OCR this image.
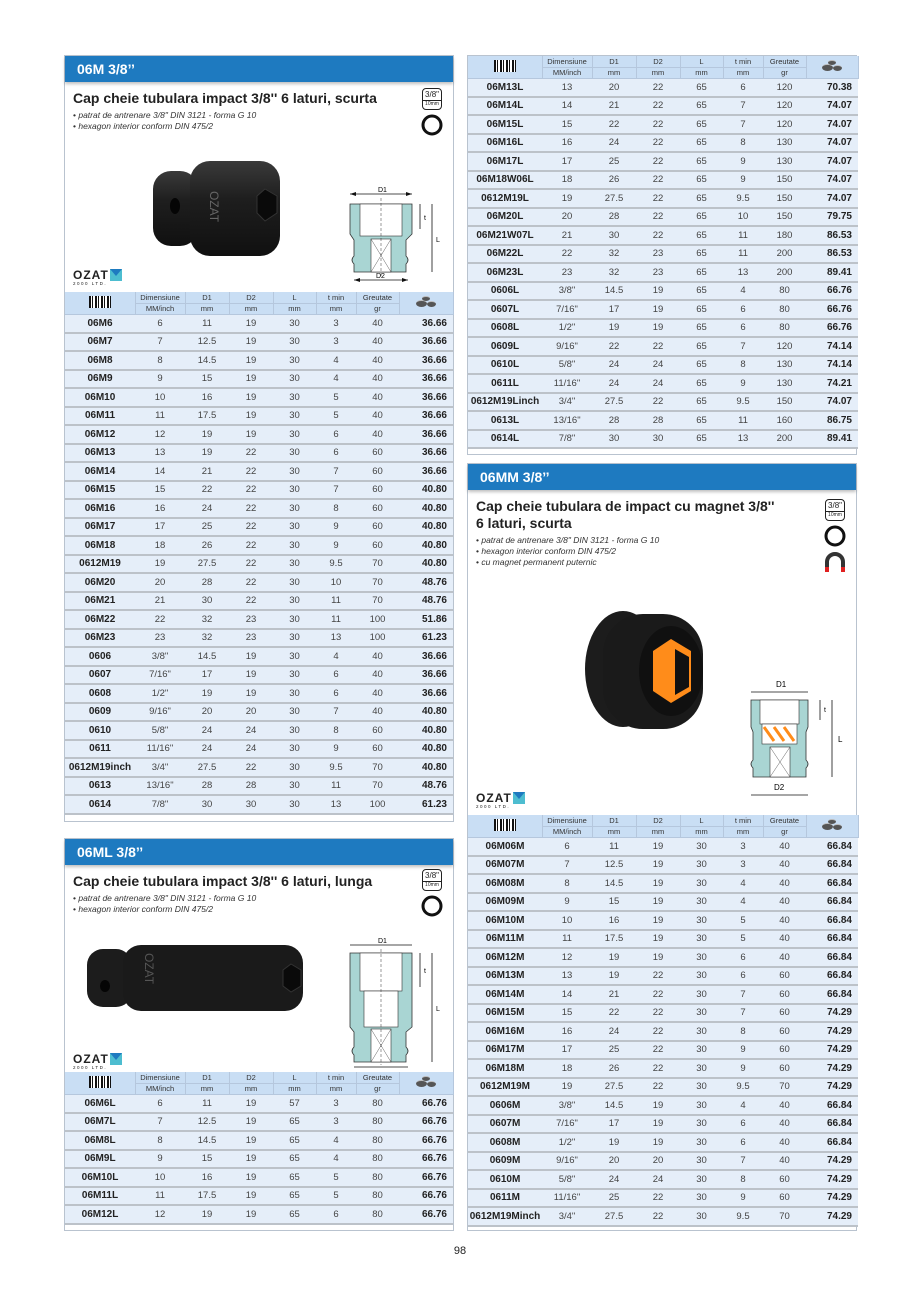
06M 3/8’’
Cap cheie tubulara impact 3/8'' 6 laturi, scurta
• patrat de antrenare 3/8" DIN 3121 - forma G 10
• hexagon interior conform DIN 475/2
3/8"
10mm
OZAT
D1
t
L
D2
OZAT
2000 LTD.
	Dimensiune	D1	D2	L	t min	Greutate	

	MM/inch	mm	mm	mm	mm	gr	
06M6	6	11	19	30	3	40	36.66
06M7	7	12.5	19	30	3	40	36.66
06M8	8	14.5	19	30	4	40	36.66
06M9	9	15	19	30	4	40	36.66
06M10	10	16	19	30	5	40	36.66
06M11	11	17.5	19	30	5	40	36.66
06M12	12	19	19	30	6	40	36.66
06M13	13	19	22	30	6	60	36.66
06M14	14	21	22	30	7	60	36.66
06M15	15	22	22	30	7	60	40.80
06M16	16	24	22	30	8	60	40.80
06M17	17	25	22	30	9	60	40.80
06M18	18	26	22	30	9	60	40.80
0612M19	19	27.5	22	30	9.5	70	40.80
06M20	20	28	22	30	10	70	48.76
06M21	21	30	22	30	11	70	48.76
06M22	22	32	23	30	11	100	51.86
06M23	23	32	23	30	13	100	61.23
0606	3/8"	14.5	19	30	4	40	36.66
0607	7/16"	17	19	30	6	40	36.66
0608	1/2"	19	19	30	6	40	36.66
0609	9/16"	20	20	30	7	40	40.80
0610	5/8"	24	24	30	8	60	40.80
0611	11/16"	24	24	30	9	60	40.80
0612M19inch	3/4"	27.5	22	30	9.5	70	40.80
0613	13/16"	28	28	30	11	70	48.76
0614	7/8"	30	30	30	13	100	61.23
06ML 3/8’’
Cap cheie tubulara impact 3/8'' 6 laturi, lunga
• patrat de antrenare 3/8" DIN 3121 - forma G 10
• hexagon interior conform DIN 475/2
3/8"
10mm
OZAT
D1
t
L
OZAT
2000 LTD.
	Dimensiune	D1	D2	L	t min	Greutate	

	MM/inch	mm	mm	mm	mm	gr	
06M6L	6	11	19	57	3	80	66.76
06M7L	7	12.5	19	65	3	80	66.76
06M8L	8	14.5	19	65	4	80	66.76
06M9L	9	15	19	65	4	80	66.76
06M10L	10	16	19	65	5	80	66.76
06M11L	11	17.5	19	65	5	80	66.76
06M12L	12	19	19	65	6	80	66.76
	Dimensiune	D1	D2	L	t min	Greutate	

	MM/inch	mm	mm	mm	mm	gr	
06M13L	13	20	22	65	6	120	70.38
06M14L	14	21	22	65	7	120	74.07
06M15L	15	22	22	65	7	120	74.07
06M16L	16	24	22	65	8	130	74.07
06M17L	17	25	22	65	9	130	74.07
06M18W06L	18	26	22	65	9	150	74.07
0612M19L	19	27.5	22	65	9.5	150	74.07
06M20L	20	28	22	65	10	150	79.75
06M21W07L	21	30	22	65	11	180	86.53
06M22L	22	32	23	65	11	200	86.53
06M23L	23	32	23	65	13	200	89.41
0606L	3/8"	14.5	19	65	4	80	66.76
0607L	7/16"	17	19	65	6	80	66.76
0608L	1/2"	19	19	65	6	80	66.76
0609L	9/16"	22	22	65	7	120	74.14
0610L	5/8"	24	24	65	8	130	74.14
0611L	11/16"	24	24	65	9	130	74.21
0612M19Linch	3/4"	27.5	22	65	9.5	150	74.07
0613L	13/16"	28	28	65	11	160	86.75
0614L	7/8"	30	30	65	13	200	89.41
06MM 3/8’’
Cap cheie tubulara de impact cu magnet 3/8''
6 laturi, scurta
• patrat de antrenare 3/8" DIN 3121 - forma G 10
• hexagon interior conform DIN 475/2
• cu magnet permanent puternic
3/8"
10mm
D1
t
L
D2
OZAT
2000 LTD.
	Dimensiune	D1	D2	L	t min	Greutate	

	MM/inch	mm	mm	mm	mm	gr	
06M06M	6	11	19	30	3	40	66.84
06M07M	7	12.5	19	30	3	40	66.84
06M08M	8	14.5	19	30	4	40	66.84
06M09M	9	15	19	30	4	40	66.84
06M10M	10	16	19	30	5	40	66.84
06M11M	11	17.5	19	30	5	40	66.84
06M12M	12	19	19	30	6	40	66.84
06M13M	13	19	22	30	6	60	66.84
06M14M	14	21	22	30	7	60	66.84
06M15M	15	22	22	30	7	60	74.29
06M16M	16	24	22	30	8	60	74.29
06M17M	17	25	22	30	9	60	74.29
06M18M	18	26	22	30	9	60	74.29
0612M19M	19	27.5	22	30	9.5	70	74.29
0606M	3/8"	14.5	19	30	4	40	66.84
0607M	7/16"	17	19	30	6	40	66.84
0608M	1/2"	19	19	30	6	40	66.84
0609M	9/16"	20	20	30	7	40	74.29
0610M	5/8"	24	24	30	8	60	74.29
0611M	11/16"	25	22	30	9	60	74.29
0612M19Minch	3/4"	27.5	22	30	9.5	70	74.29
98
